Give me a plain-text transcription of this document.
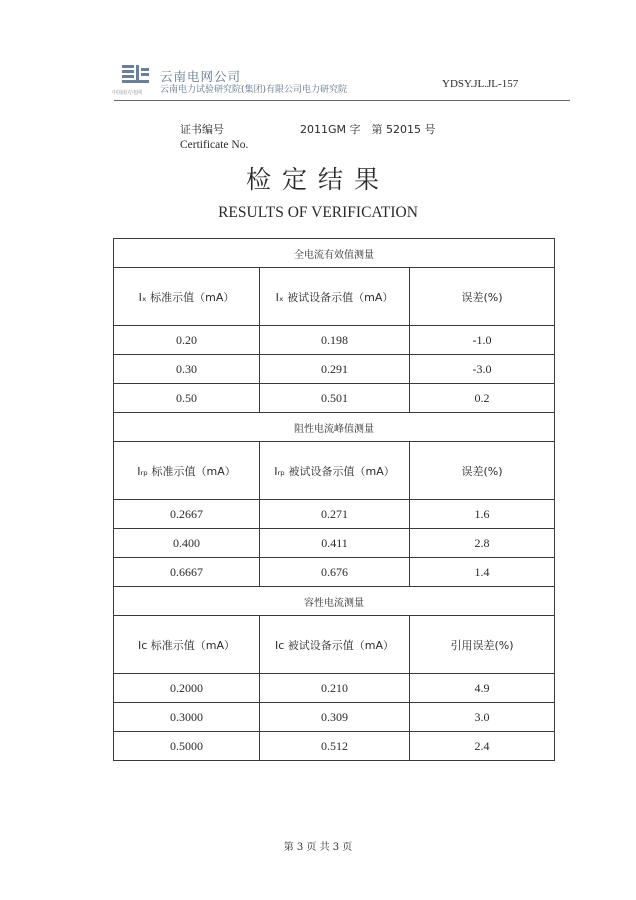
中国南方电网
云南电网公司
云南电力试验研究院(集团)有限公司电力研究院	YDSY.JL.JL-157
证书编号	2011GM 字　第 52015 号
Certificate No.
检定结果
RESULTS OF VERIFICATION
全电流有效值测量		
Iₓ 标准示值（mA）	Iₓ 被试设备示值（mA）	误差(%)
0.20	0.198	-1.0
0.30	0.291	-3.0
0.50	0.501	0.2
阻性电流峰值测量		
Iᵣₚ 标准示值（mA）	Iᵣₚ 被试设备示值（mA）	误差(%)
0.2667	0.271	1.6
0.400	0.411	2.8
0.6667	0.676	1.4
容性电流测量		
Ic 标准示值（mA）	Ic 被试设备示值（mA）	引用误差(%)
0.2000	0.210	4.9
0.3000	0.309	3.0
0.5000	0.512	2.4
第 3 页 共 3 页
